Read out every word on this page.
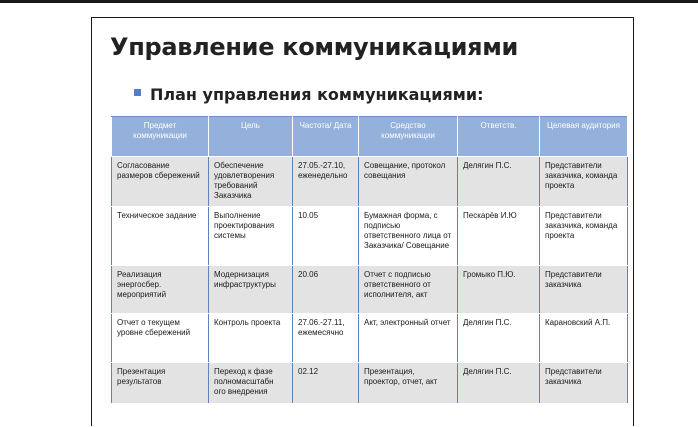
Управление коммуникациями
План управления коммуникациями:
Предмет коммуникации	Цель	Частота/ Дата	Средство коммуникации	Ответств.	Целевая аудитория
Согласование размеров сбережений	Обеспечение удовлетворения требований Заказчика	27.05.-27.10, еженедельно	Совещание, протокол совещания	Делягин П.С.	Представители заказчика, команда проекта
Техническое задание	Выполнение проектирования системы	10.05	Бумажная форма, с подписью ответственного лица от Заказчика/ Совещание	Пескарёв И.Ю	Представители заказчика, команда проекта
Реализация энергосбер. мероприятий	Модернизация инфраструктуры	20.06	Отчет с подписью ответственного от исполнителя, акт	Громыко П.Ю.	Представители заказчика
Отчет о текущем уровне сбережений	Контроль проекта	27.06.-27.11, ежемесячно	Акт, электронный отчет	Делягин П.С.	Карановский А.П.
Презентация результатов	Переход к фазе полномасштабн ого внедрения	02.12	Презентация, проектор, отчет, акт	Делягин П.С.	Представители заказчика
